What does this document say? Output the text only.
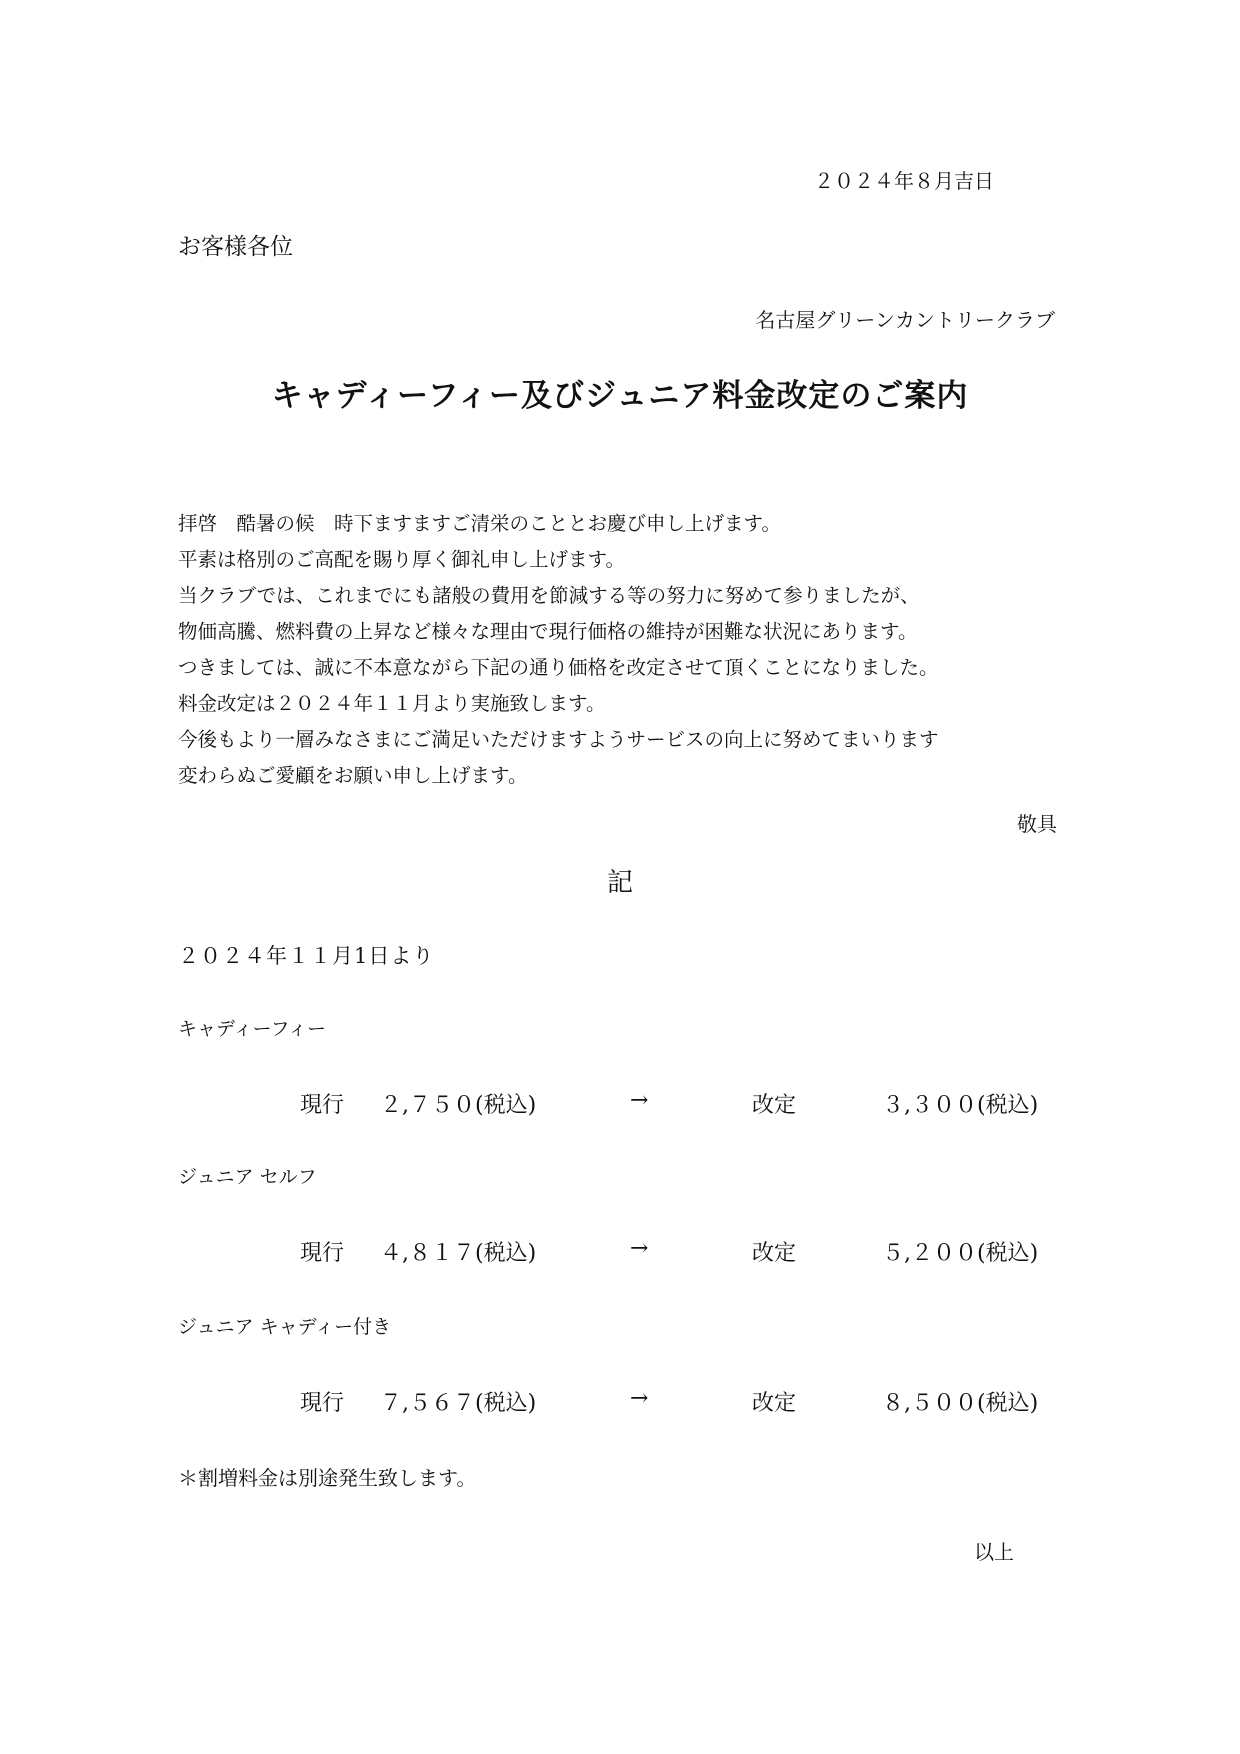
２０２４年８月吉日
お客様各位
名古屋グリーンカントリークラブ
キャディーフィー及びジュニア料金改定のご案内
拝啓　酷暑の候　時下ますますご清栄のこととお慶び申し上げます。
平素は格別のご高配を賜り厚く御礼申し上げます。
当クラブでは、これまでにも諸般の費用を節減する等の努力に努めて参りましたが、
物価高騰、燃料費の上昇など様々な理由で現行価格の維持が困難な状況にあります。
つきましては、誠に不本意ながら下記の通り価格を改定させて頂くことになりました。
料金改定は２０２４年１１月より実施致します。
今後もより一層みなさまにご満足いただけますようサービスの向上に努めてまいります
変わらぬご愛顧をお願い申し上げます。
敬具
記
２０２４年１１月1日より
キャディーフィー
現行 ２,７５０(税込)	→	改定	３,３００(税込)
ジュニア セルフ
現行 ４,８１７(税込)	→	改定	５,２００(税込)
ジュニア キャディー付き
現行 ７,５６７(税込)	→	改定	８,５００(税込)
＊割増料金は別途発生致します。
以上
